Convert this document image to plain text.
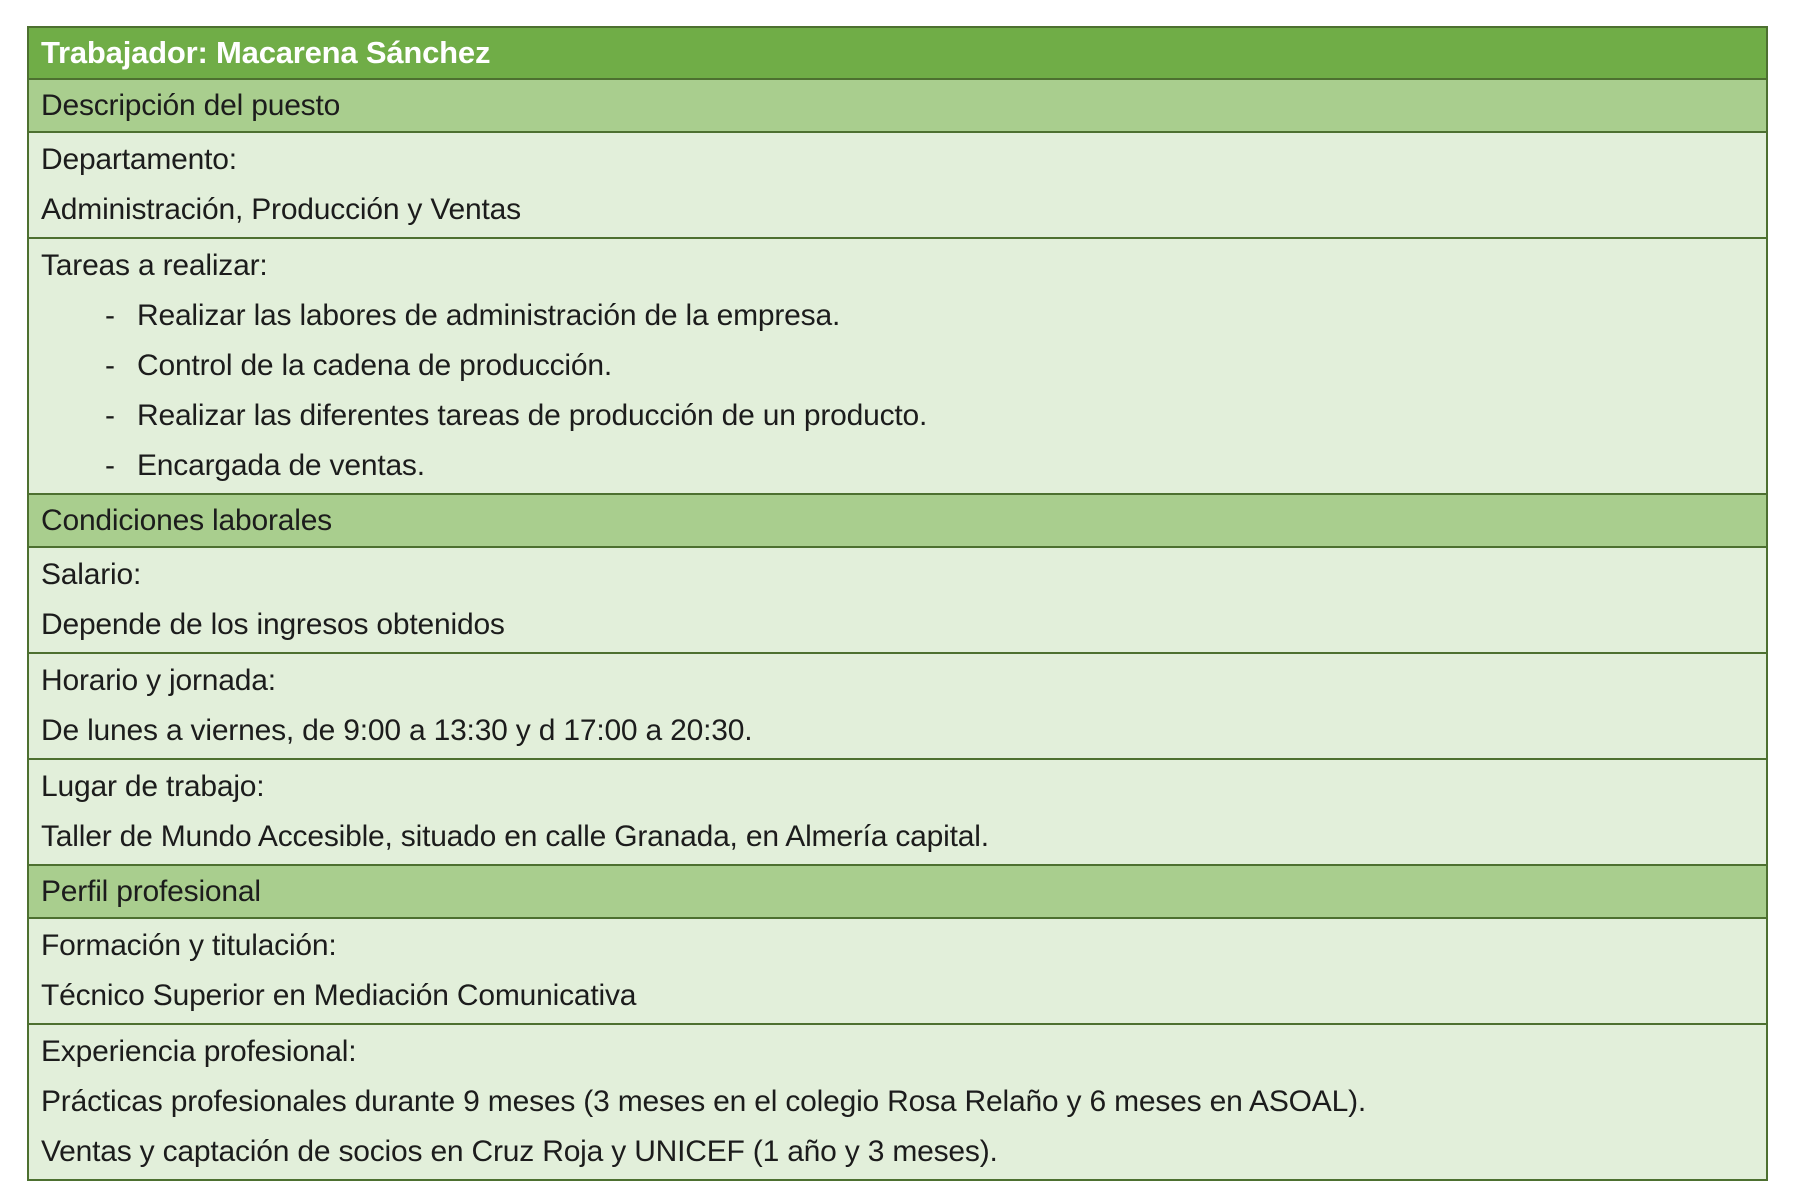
Trabajador: Macarena Sánchez
Descripción del puesto
Departamento:
Administración, Producción y Ventas
Tareas a realizar:
- Realizar las labores de administración de la empresa.
- Control de la cadena de producción.
- Realizar las diferentes tareas de producción de un producto.
- Encargada de ventas.
Condiciones laborales
Salario:
Depende de los ingresos obtenidos
Horario y jornada:
De lunes a viernes, de 9:00 a 13:30 y d 17:00 a 20:30.
Lugar de trabajo:
Taller de Mundo Accesible, situado en calle Granada, en Almería capital.
Perfil profesional
Formación y titulación:
Técnico Superior en Mediación Comunicativa
Experiencia profesional:
Prácticas profesionales durante 9 meses (3 meses en el colegio Rosa Relaño y 6 meses en ASOAL).
Ventas y captación de socios en Cruz Roja y UNICEF (1 año y 3 meses).
